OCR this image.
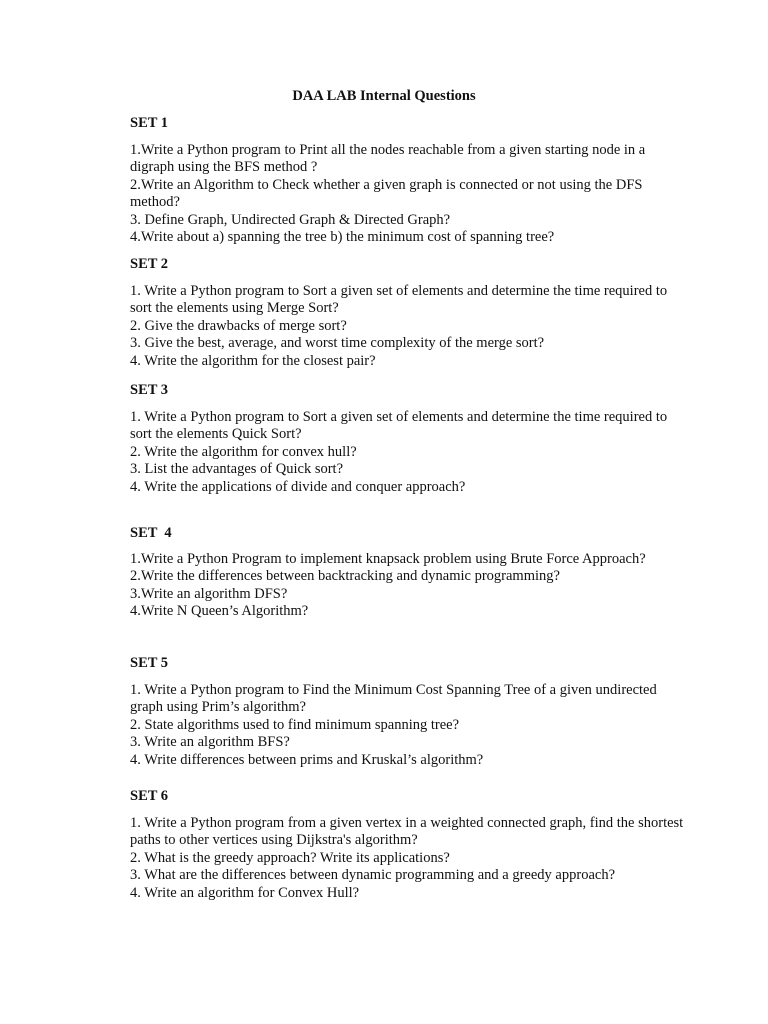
DAA LAB Internal Questions
SET 1
1.Write a Python program to Print all the nodes reachable from a given starting node in a digraph using the BFS method ?
2.Write an Algorithm to Check whether a given graph is connected or not using the DFS method?
3. Define Graph, Undirected Graph & Directed Graph?
4.Write about a) spanning the tree b) the minimum cost of spanning tree?
SET 2
1. Write a Python program to Sort a given set of elements and determine the time required to sort the elements using Merge Sort?
2. Give the drawbacks of merge sort?
3. Give the best, average, and worst time complexity of the merge sort?
4. Write the algorithm for the closest pair?
SET 3
1. Write a Python program to Sort a given set of elements and determine the time required to sort the elements Quick Sort?
2. Write the algorithm for convex hull?
3. List the advantages of Quick sort?
4. Write the applications of divide and conquer approach?
SET  4
1.Write a Python Program to implement knapsack problem using Brute Force Approach?
2.Write the differences between backtracking and dynamic programming?
3.Write an algorithm DFS?
4.Write N Queen’s Algorithm?
SET 5
1. Write a Python program to Find the Minimum Cost Spanning Tree of a given undirected graph using Prim’s algorithm?
2. State algorithms used to find minimum spanning tree?
3. Write an algorithm BFS?
4. Write differences between prims and Kruskal’s algorithm?
SET 6
1. Write a Python program from a given vertex in a weighted connected graph, find the shortest paths to other vertices using Dijkstra's algorithm?
2. What is the greedy approach? Write its applications?
3. What are the differences between dynamic programming and a greedy approach?
4. Write an algorithm for Convex Hull?
